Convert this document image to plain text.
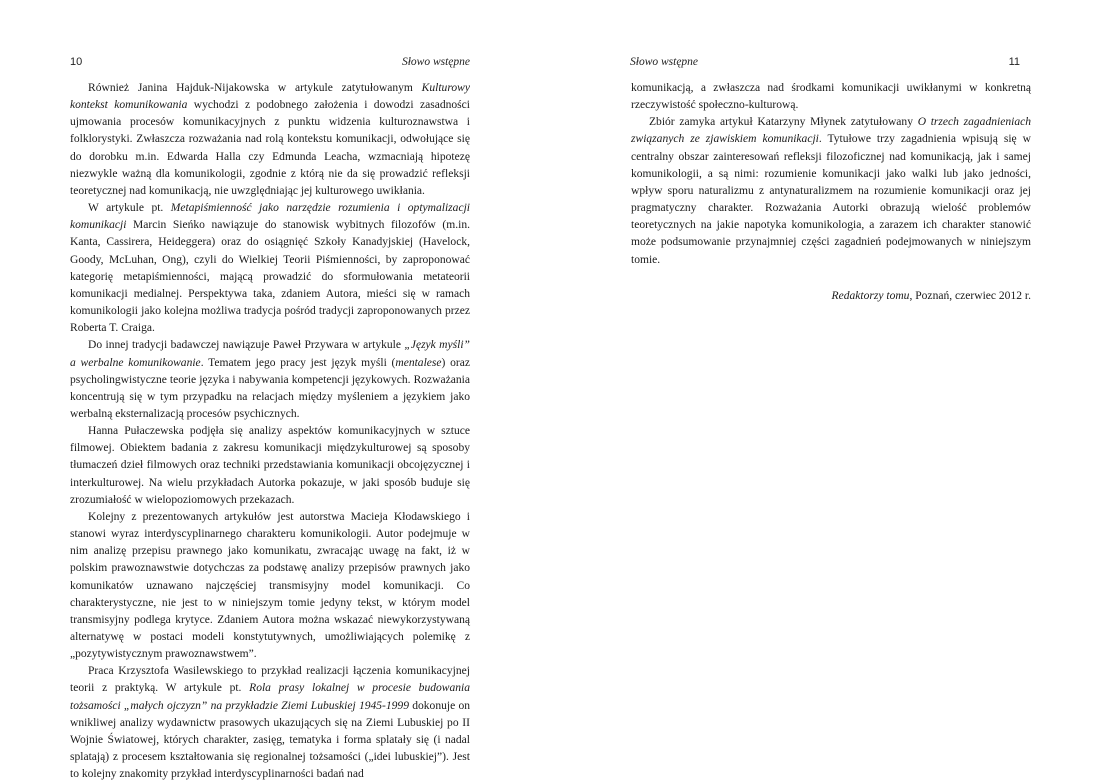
10	Słowo wstępne

Również Janina Hajduk-Nijakowska w artykule zatytułowanym Kulturowy kontekst komunikowania wychodzi z podobnego założenia i dowodzi zasadności ujmowania procesów komunikacyjnych z punktu widzenia kulturoznawstwa i folklorystyki. Zwłaszcza rozważania nad rolą kontekstu komunikacji, odwołujące się do dorobku m.in. Edwarda Halla czy Edmunda Leacha, wzmacniają hipotezę niezwykle ważną dla komunikologii, zgodnie z którą nie da się prowadzić refleksji teoretycznej nad komunikacją, nie uwzględniając jej kulturowego uwikłania.

W artykule pt. Metapiśmienność jako narzędzie rozumienia i optymalizacji komunikacji Marcin Sieńko nawiązuje do stanowisk wybitnych filozofów (m.in. Kanta, Cassirera, Heideggera) oraz do osiągnięć Szkoły Kanadyjskiej (Havelock, Goody, McLuhan, Ong), czyli do Wielkiej Teorii Piśmienności, by zaproponować kategorię metapiśmienności, mającą prowadzić do sformułowania metateorii komunikacji medialnej. Perspektywa taka, zdaniem Autora, mieści się w ramach komunikologii jako kolejna możliwa tradycja pośród tradycji zaproponowanych przez Roberta T. Craiga.

Do innej tradycji badawczej nawiązuje Paweł Przywara w artykule „Język myśli” a werbalne komunikowanie. Tematem jego pracy jest język myśli (mentalese) oraz psycholingwistyczne teorie języka i nabywania kompetencji językowych. Rozważania koncentrują się w tym przypadku na relacjach między myśleniem a językiem jako werbalną eksternalizacją procesów psychicznych.

Hanna Pułaczewska podjęła się analizy aspektów komunikacyjnych w sztuce filmowej. Obiektem badania z zakresu komunikacji międzykulturowej są sposoby tłumaczeń dzieł filmowych oraz techniki przedstawiania komunikacji obcojęzycznej i interkulturowej. Na wielu przykładach Autorka pokazuje, w jaki sposób buduje się zrozumiałość w wielopoziomowych przekazach.

Kolejny z prezentowanych artykułów jest autorstwa Macieja Kłodawskiego i stanowi wyraz interdyscyplinarnego charakteru komunikologii. Autor podejmuje w nim analizę przepisu prawnego jako komunikatu, zwracając uwagę na fakt, iż w polskim prawoznawstwie dotychczas za podstawę analizy przepisów prawnych jako komunikatów uznawano najczęściej transmisyjny model komunikacji. Co charakterystyczne, nie jest to w niniejszym tomie jedyny tekst, w którym model transmisyjny podlega krytyce. Zdaniem Autora można wskazać niewykorzystywaną alternatywę w postaci modeli konstytutywnych, umożliwiających polemikę z „pozytywistycznym prawoznawstwem”.

Praca Krzysztofa Wasilewskiego to przykład realizacji łączenia komunikacyjnej teorii z praktyką. W artykule pt. Rola prasy lokalnej w procesie budowania tożsamości „małych ojczyzn” na przykładzie Ziemi Lubuskiej 1945-1999 dokonuje on wnikliwej analizy wydawnictw prasowych ukazujących się na Ziemi Lubuskiej po II Wojnie Światowej, których charakter, zasięg, tematyka i forma splatały się (i nadal splatają) z procesem kształtowania się regionalnej tożsamości („idei lubuskiej”). Jest to kolejny znakomity przykład interdyscyplinarności badań nad

Słowo wstępne	11

komunikacją, a zwłaszcza nad środkami komunikacji uwikłanymi w konkretną rzeczywistość społeczno-kulturową.

Zbiór zamyka artykuł Katarzyny Młynek zatytułowany O trzech zagadnieniach związanych ze zjawiskiem komunikacji. Tytułowe trzy zagadnienia wpisują się w centralny obszar zainteresowań refleksji filozoficznej nad komunikacją, jak i samej komunikologii, a są nimi: rozumienie komunikacji jako walki lub jako jedności, wpływ sporu naturalizmu z antynaturalizmem na rozumienie komunikacji oraz jej pragmatyczny charakter. Rozważania Autorki obrazują wielość problemów teoretycznych na jakie napotyka komunikologia, a zarazem ich charakter stanowić może podsumowanie przynajmniej części zagadnień podejmowanych w niniejszym tomie.

Redaktorzy tomu, Poznań, czerwiec 2012 r.
